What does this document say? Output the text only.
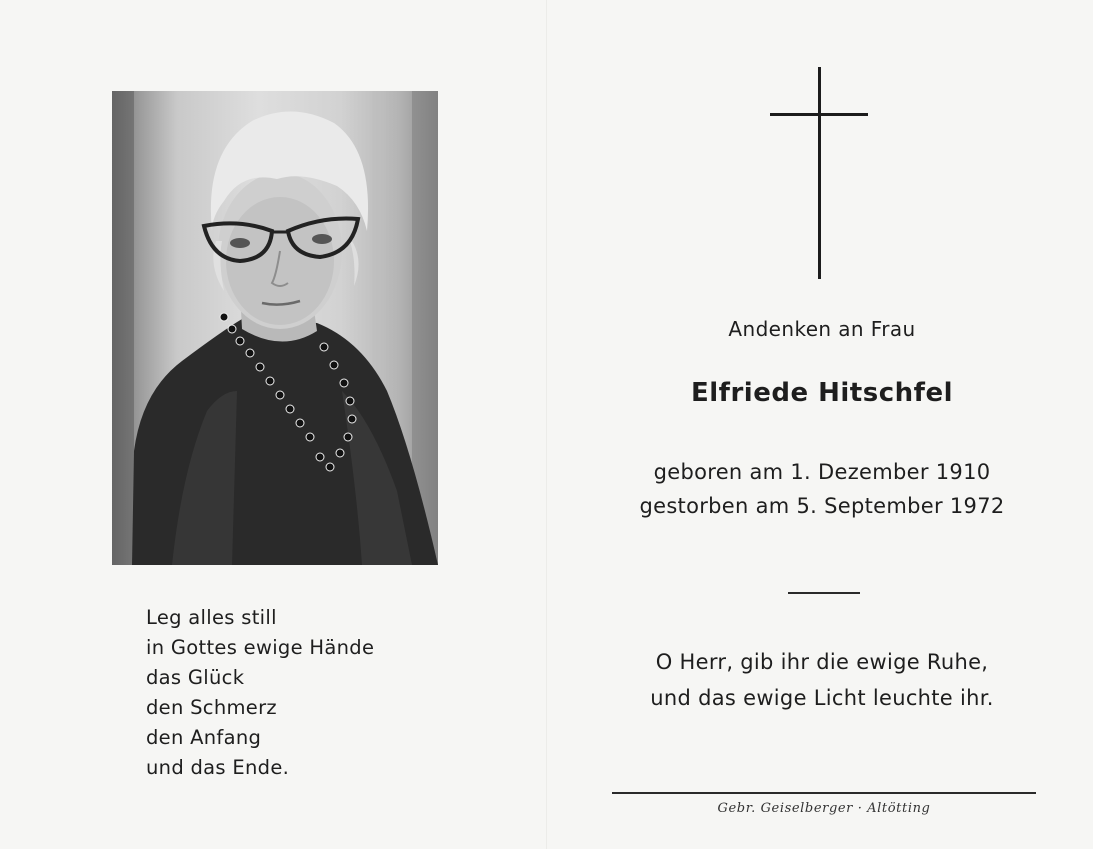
Leg alles still
in Gottes ewige Hände
das Glück
den Schmerz
den Anfang
und das Ende.
Andenken an Frau
Elfriede Hitschfel
geboren am 1. Dezember 1910
gestorben am 5. September 1972
O Herr, gib ihr die ewige Ruhe,
und das ewige Licht leuchte ihr.
Gebr. Geiselberger · Altötting
